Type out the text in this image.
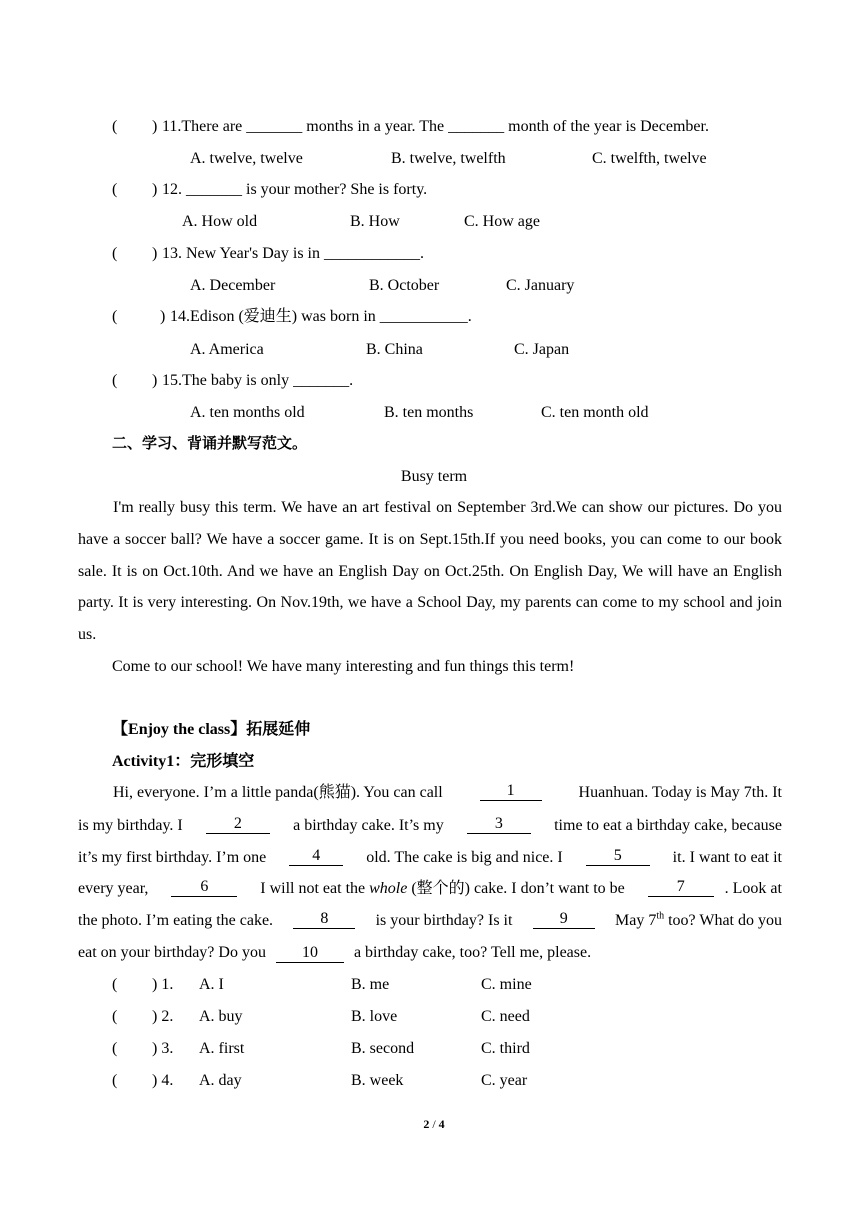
( ) 11.There are _______ months in a year. The _______ month of the year is December.
A. twelve, twelve	B. twelve, twelfth	C. twelfth, twelve
( ) 12. _______ is your mother? She is forty.
A. How old	B. How	C. How age
( ) 13. New Year's Day is in ____________.
A. December	B. October	C. January
(	) 14.Edison (爱迪生) was born in ___________.
A. America	B. China	C. Japan
( ) 15.The baby is only _______.
A. ten months old	B. ten months	C. ten month old
二、学习、背诵并默写范文。
Busy term
I'm really busy this term. We have an art festival on September 3rd.We can show our pictures. Do you have a soccer ball? We have a soccer game. It is on Sept.15th.If you need books, you can come to our book sale. It is on Oct.10th. And we have an English Day on Oct.25th. On English Day, We will have an English party. It is very interesting. On Nov.19th, we have a School Day, my parents can come to my school and join us.
Come to our school! We have many interesting and fun things this term!
【Enjoy the class】拓展延伸
Activity1：完形填空
Hi, everyone. I’m a little panda(熊猫). You can call	1	Huanhuan. Today is May 7th. It
is my birthday. I	2	a birthday cake. It’s my	3	time to eat a birthday cake, because
it’s my first birthday. I’m one	4	old. The cake is big and nice. I	5	it. I want to eat it
every year,	6	I will not eat the whole (整个的) cake. I don’t want to be	7	. Look at
the photo. I’m eating the cake.	8	is your birthday? Is it	9	May 7th too? What do you
eat on your birthday? Do you 10 a birthday cake, too? Tell me, please.
( ) 1. A. I	B. me	C. mine
( ) 2. A. buy	B. love	C. need
( ) 3. A. first	B. second	C. third
( ) 4. A. day	B. week	C. year
2 / 4
